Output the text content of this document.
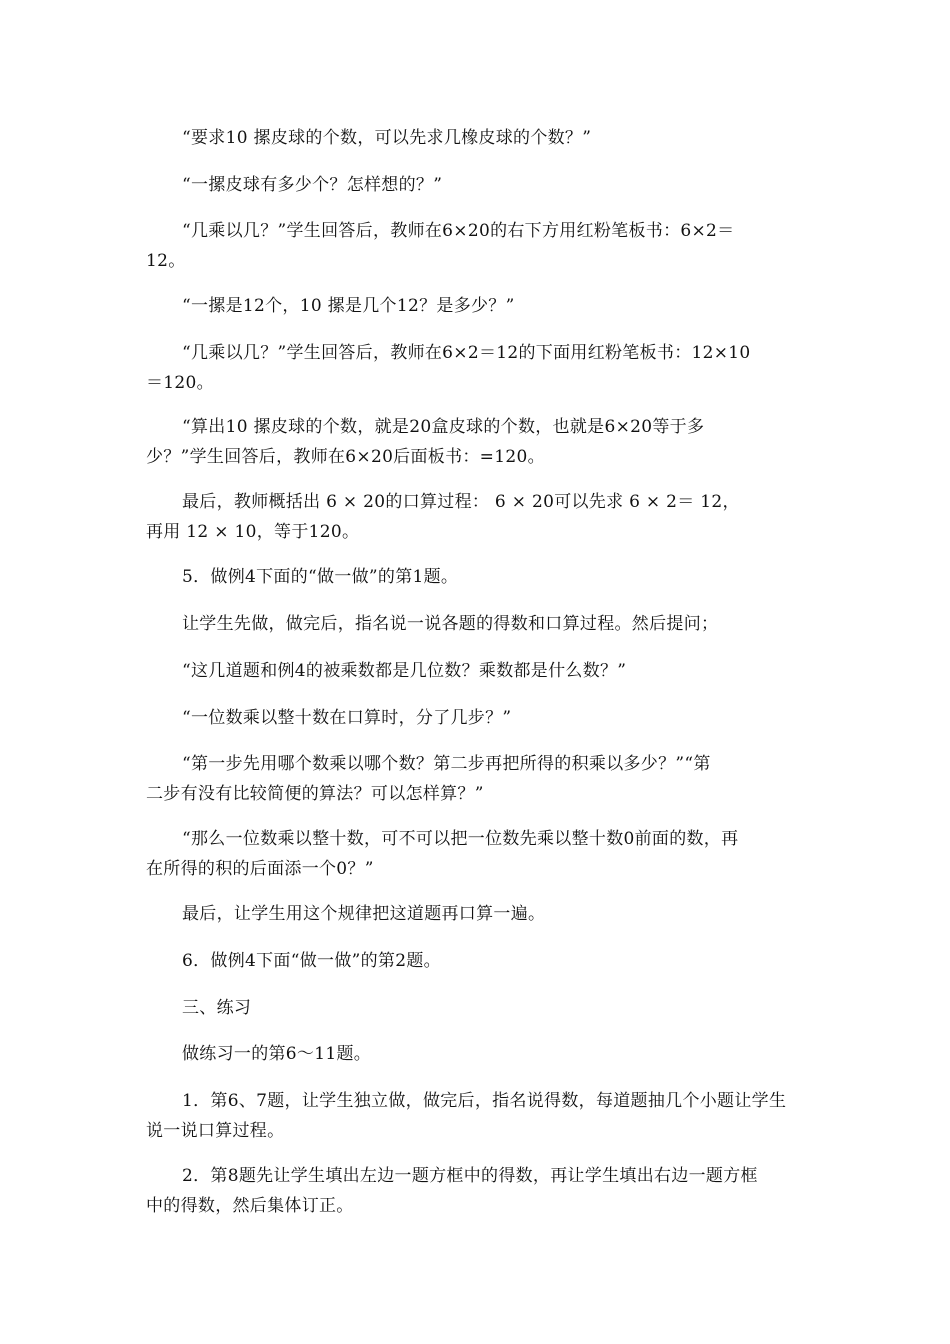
“要求10 摞皮球的个数，可以先求几橡皮球的个数？”
“一摞皮球有多少个？怎样想的？”
“几乘以几？”学生回答后，教师在6×20的右下方用红粉笔板书：6×2＝
12。
“一摞是12个，10 摞是几个12？是多少？”
“几乘以几？”学生回答后，教师在6×2＝12的下面用红粉笔板书：12×10
＝120。
“算出10 摞皮球的个数，就是20盒皮球的个数，也就是6×20等于多
少？”学生回答后，教师在6×20后面板书：=120。
最后，教师概括出 6 × 20的口算过程： 6 × 20可以先求 6 × 2＝ 12，
再用 12 × 10，等于120。
5．做例4下面的“做一做”的第1题。
让学生先做，做完后，指名说一说各题的得数和口算过程。然后提问；
“这几道题和例4的被乘数都是几位数？乘数都是什么数？”
“一位数乘以整十数在口算时，分了几步？”
“第一步先用哪个数乘以哪个数？第二步再把所得的积乘以多少？”“第
二步有没有比较简便的算法？可以怎样算？”
“那么一位数乘以整十数，可不可以把一位数先乘以整十数0前面的数，再
在所得的积的后面添一个0？”
最后，让学生用这个规律把这道题再口算一遍。
6．做例4下面“做一做”的第2题。
三、练习
做练习一的第6～11题。
1．第6、7题，让学生独立做，做完后，指名说得数，每道题抽几个小题让学生
说一说口算过程。
2．第8题先让学生填出左边一题方框中的得数，再让学生填出右边一题方框
中的得数，然后集体订正。
